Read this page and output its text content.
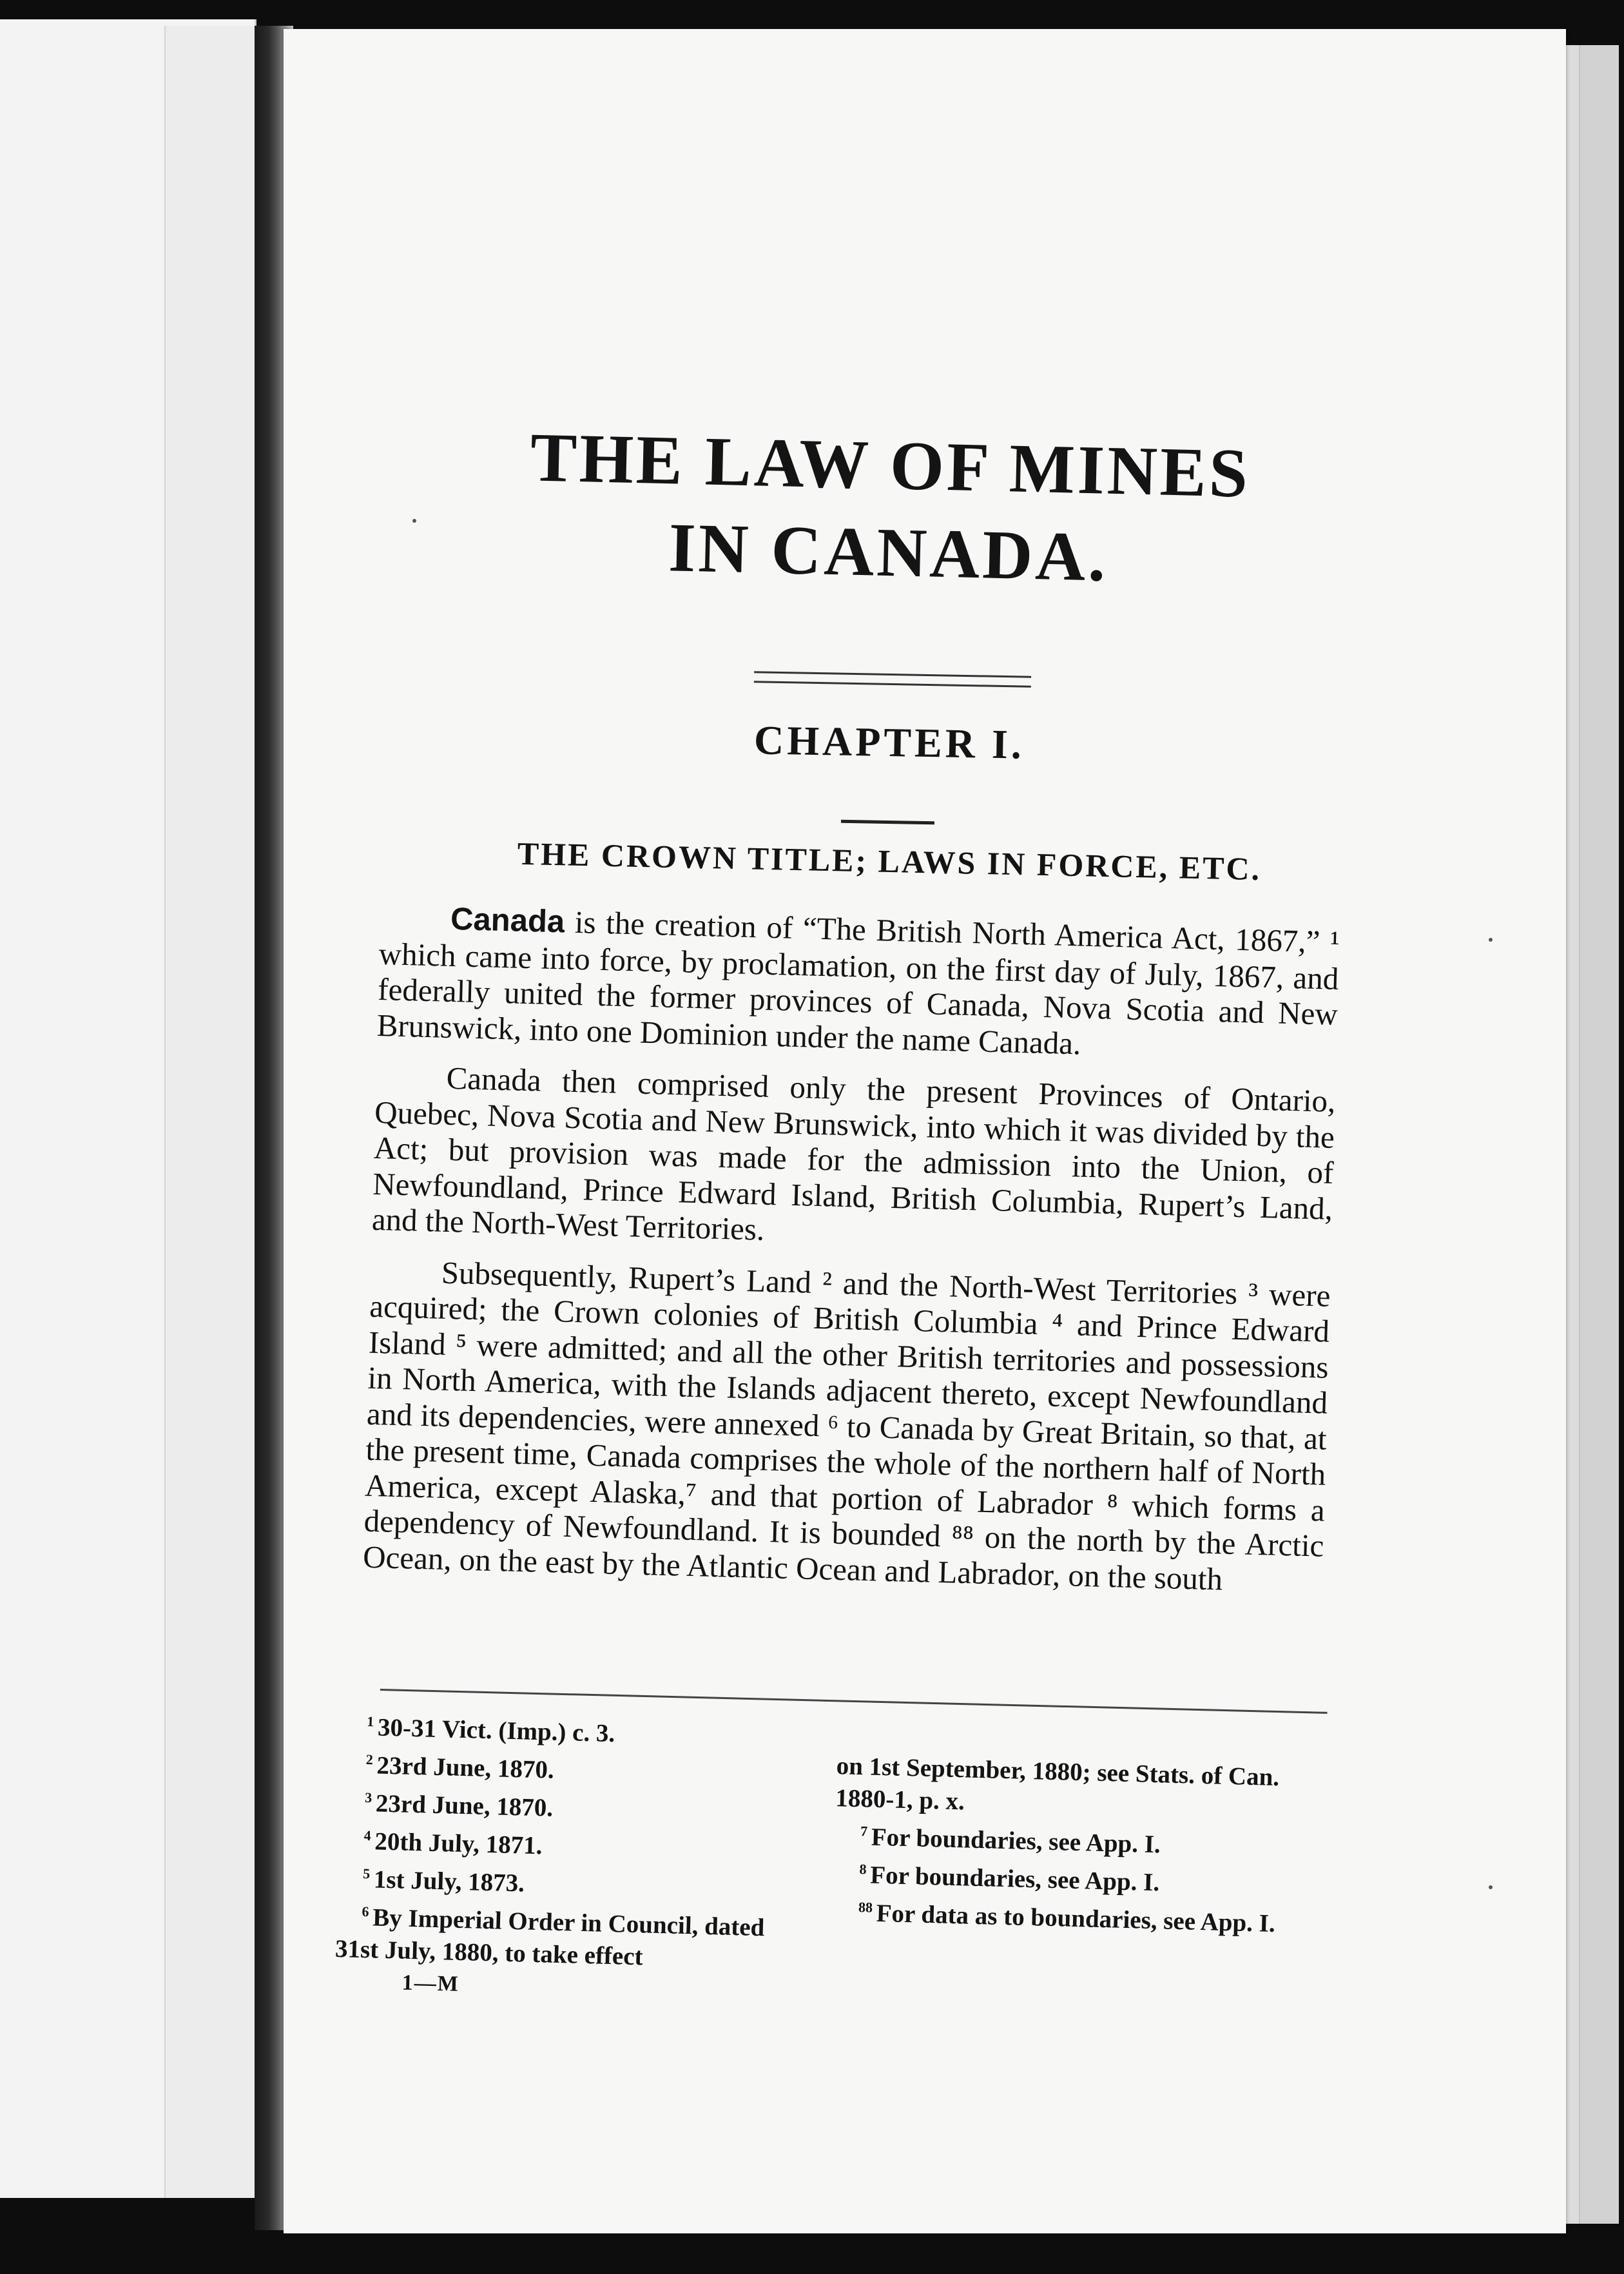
THE LAW OF MINES
IN CANADA.
CHAPTER I.
THE CROWN TITLE; LAWS IN FORCE, ETC.

Canada is the creation of “The British North America Act, 1867,” ¹ which came into force, by proclamation, on the first day of July, 1867, and federally united the former provinces of Canada, Nova Scotia and New Brunswick, into one Dominion under the name Canada.

Canada then comprised only the present Provinces of Ontario, Quebec, Nova Scotia and New Brunswick, into which it was divided by the Act; but provision was made for the admission into the Union, of Newfoundland, Prince Edward Island, British Columbia, Rupert’s Land, and the North-West Territories.

Subsequently, Rupert’s Land ² and the North-West Territories ³ were acquired; the Crown colonies of British Columbia ⁴ and Prince Edward Island ⁵ were admitted; and all the other British territories and possessions in North America, with the Islands adjacent thereto, except Newfoundland and its dependencies, were annexed ⁶ to Canada by Great Britain, so that, at the present time, Canada comprises the whole of the northern half of North America, except Alaska,⁷ and that portion of Labrador ⁸ which forms a dependency of Newfoundland. It is bounded ⁸⁸ on the north by the Arctic Ocean, on the east by the Atlantic Ocean and Labrador, on the south

$^1$ 30-31 Vict. (Imp.) c. 3.

$^2$ 23rd June, 1870.

$^3$ 23rd June, 1870.

$^4$ 20th July, 1871.

$^5$ 1st July, 1873.

$^6$ By Imperial Order in Council, dated 31st July, 1880, to take effect

1—M

on 1st September, 1880; see Stats. of Can. 1880-1, p. x.

$^7$ For boundaries, see App. I.

$^8$ For boundaries, see App. I.

$^{88}$ For data as to boundaries, see App. I.
